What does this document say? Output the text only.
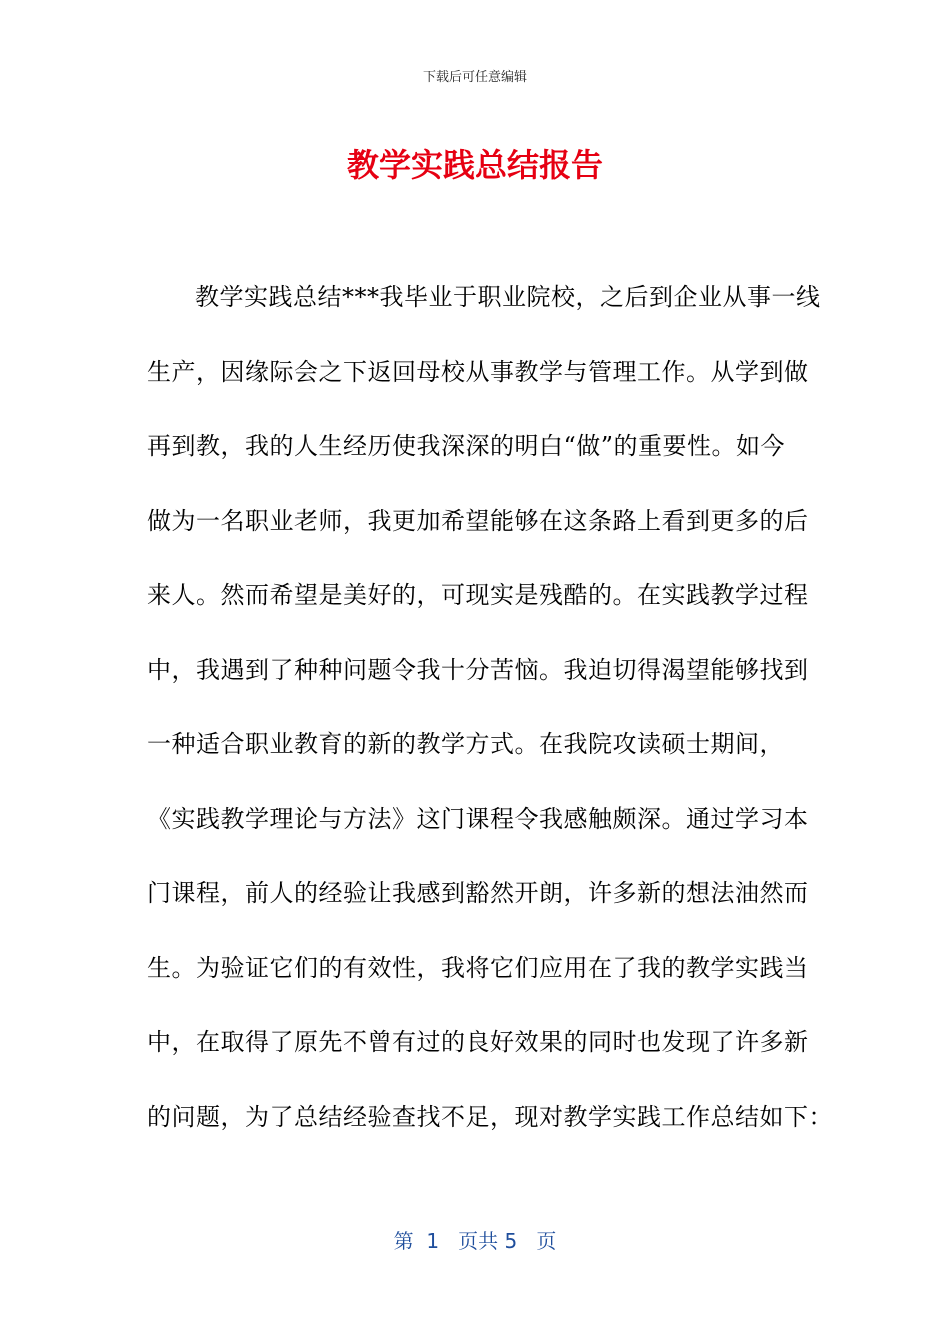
下载后可任意编辑
教学实践总结报告
教学实践总结***我毕业于职业院校，之后到企业从事一线
生产，因缘际会之下返回母校从事教学与管理工作。从学到做
再到教，我的人生经历使我深深的明白“做”的重要性。如今
做为一名职业老师，我更加希望能够在这条路上看到更多的后
来人。然而希望是美好的，可现实是残酷的。在实践教学过程
中，我遇到了种种问题令我十分苦恼。我迫切得渴望能够找到
一种适合职业教育的新的教学方式。在我院攻读硕士期间，
《实践教学理论与方法》这门课程令我感触颇深。通过学习本
门课程，前人的经验让我感到豁然开朗，许多新的想法油然而
生。为验证它们的有效性，我将它们应用在了我的教学实践当
中，在取得了原先不曾有过的良好效果的同时也发现了许多新
的问题，为了总结经验查找不足，现对教学实践工作总结如下：
第  1   页共 5   页
